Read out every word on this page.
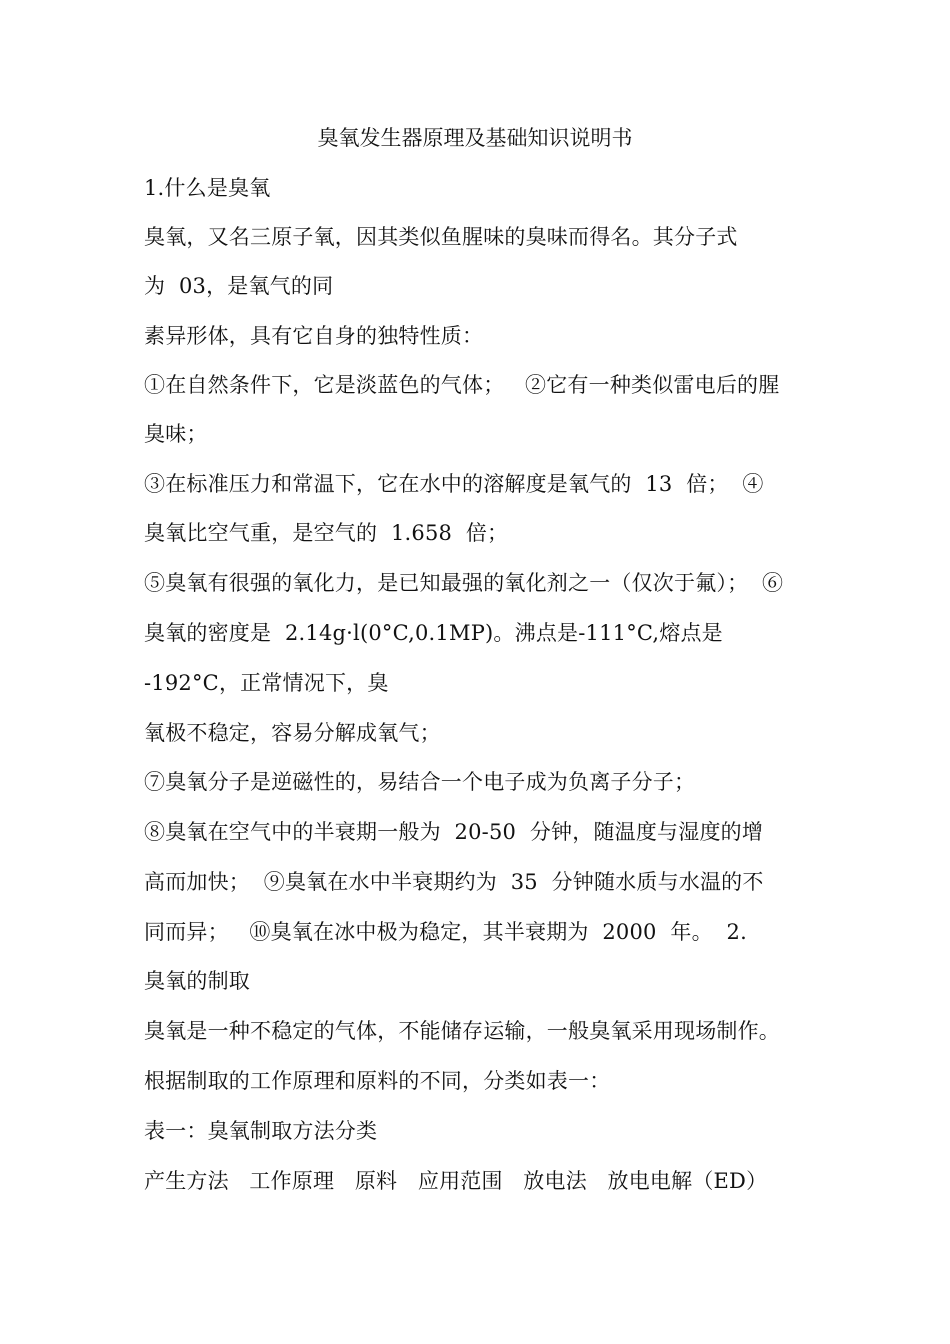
臭氧发生器原理及基础知识说明书
1.什么是臭氧
臭氧，又名三原子氧，因其类似鱼腥味的臭味而得名。其分子式
为  03，是氧气的同
素异形体，具有它自身的独特性质：
①在自然条件下，它是淡蓝色的气体；   ②它有一种类似雷电后的腥
臭味；
③在标准压力和常温下，它在水中的溶解度是氧气的  13  倍；  ④
臭氧比空气重，是空气的  1.658  倍；
⑤臭氧有很强的氧化力，是已知最强的氧化剂之一（仅次于氟）；  ⑥
臭氧的密度是  2.14g·l(0°C,0.1MP)。沸点是-111°C,熔点是
-192°C，正常情况下，臭
氧极不稳定，容易分解成氧气；
⑦臭氧分子是逆磁性的，易结合一个电子成为负离子分子；
⑧臭氧在空气中的半衰期一般为  20-50  分钟，随温度与湿度的增
高而加快；  ⑨臭氧在水中半衰期约为  35  分钟随水质与水温的不
同而异；   ⑩臭氧在冰中极为稳定，其半衰期为  2000  年。  2.
臭氧的制取
臭氧是一种不稳定的气体，不能储存运输，一般臭氧采用现场制作。
根据制取的工作原理和原料的不同，分类如表一：
表一：臭氧制取方法分类
产生方法   工作原理   原料   应用范围   放电法   放电电解（ED）
